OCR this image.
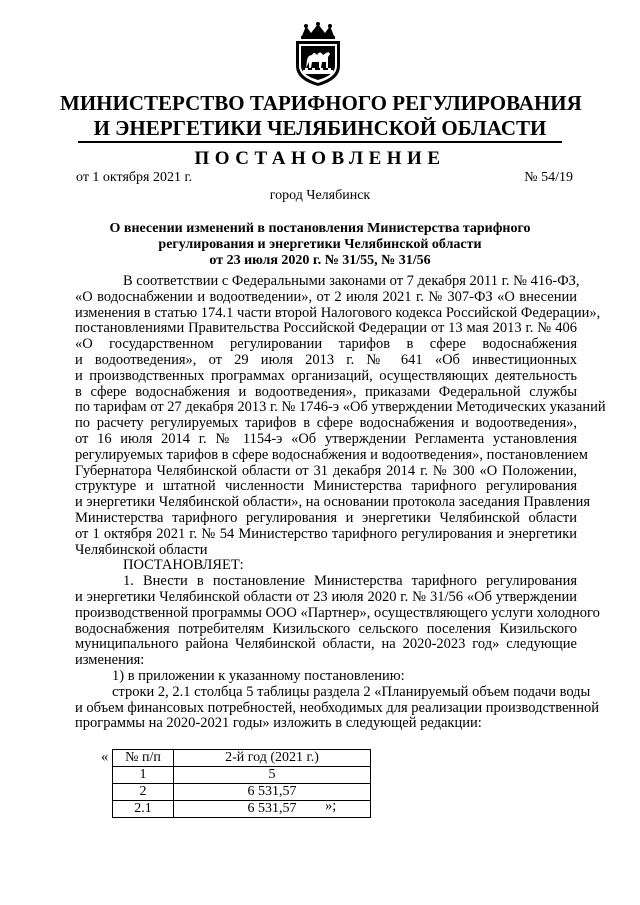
МИНИСТЕРСТВО ТАРИФНОГО РЕГУЛИРОВАНИЯ
И ЭНЕРГЕТИКИ ЧЕЛЯБИНСКОЙ ОБЛАСТИ
ПОСТАНОВЛЕНИЕ
от 1 октября 2021 г.	№ 54/19
город Челябинск
О внесении изменений в постановления Министерства тарифного
регулирования и энергетики Челябинской области
от 23 июля 2020 г. № 31/55, № 31/56
В соответствии с Федеральными законами от 7 декабря 2011 г. № 416-ФЗ,
«О водоснабжении и водоотведении», от 2 июля 2021 г. № 307-ФЗ «О внесении
изменения в статью 174.1 части второй Налогового кодекса Российской Федерации»,
постановлениями Правительства Российской Федерации от 13 мая 2013 г. № 406
«О государственном регулировании тарифов в сфере водоснабжения
и водоотведения», от 29 июля 2013 г. № 641 «Об инвестиционных
и производственных программах организаций, осуществляющих деятельность
в сфере водоснабжения и водоотведения», приказами Федеральной службы
по тарифам от 27 декабря 2013 г. № 1746-э «Об утверждении Методических указаний
по расчету регулируемых тарифов в сфере водоснабжения и водоотведения»,
от 16 июля 2014 г. № 1154-э «Об утверждении Регламента установления
регулируемых тарифов в сфере водоснабжения и водоотведения», постановлением
Губернатора Челябинской области от 31 декабря 2014 г. № 300 «О Положении,
структуре и штатной численности Министерства тарифного регулирования
и энергетики Челябинской области», на основании протокола заседания Правления
Министерства тарифного регулирования и энергетики Челябинской области
от 1 октября 2021 г. № 54 Министерство тарифного регулирования и энергетики
Челябинской области
ПОСТАНОВЛЯЕТ:
1. Внести в постановление Министерства тарифного регулирования
и энергетики Челябинской области от 23 июля 2020 г. № 31/56 «Об утверждении
производственной программы ООО «Партнер», осуществляющего услуги холодного
водоснабжения потребителям Кизильского сельского поселения Кизильского
муниципального района Челябинской области, на 2020-2023 год» следующие
изменения:
1) в приложении к указанному постановлению:
строки 2, 2.1 столбца 5 таблицы раздела 2 «Планируемый объем подачи воды
и объем финансовых потребностей, необходимых для реализации производственной
программы на 2020-2021 годы» изложить в следующей редакции:
« № п/п	2-й год (2021 г.)
1	5
2	6 531,57
2.1	6 531,57 »;
